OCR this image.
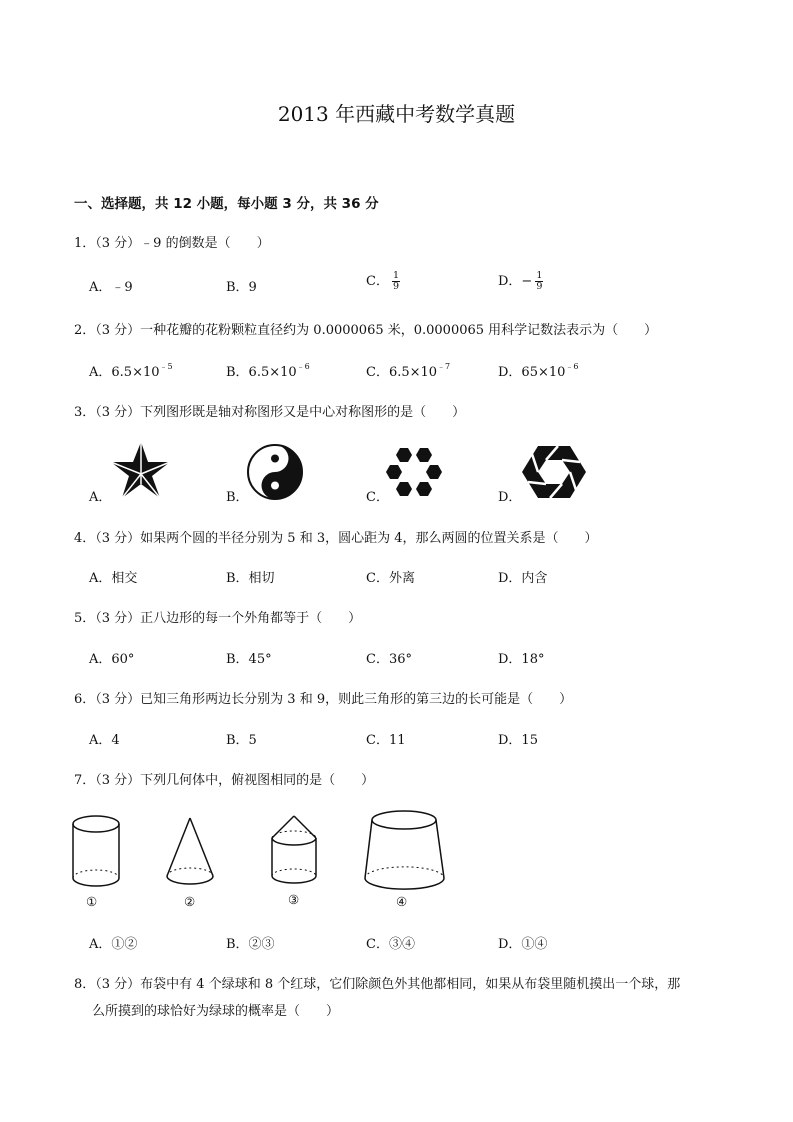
2013 年西藏中考数学真题
一、选择题，共 12 小题，每小题 3 分，共 36 分
1．（3 分）﹣9 的倒数是（　　）
A．﹣9	B．9	C． $\frac{1}{9}$	D．− $\frac{1}{9}$
2．（3 分）一种花瓣的花粉颗粒直径约为 0.0000065 米，0.0000065 用科学记数法表示为（　　）
A．$6.5\times 10^{﹣5}$	B．$6.5\times 10^{﹣6}$	C．$6.5\times 10^{﹣7}$	D．$65\times 10^{﹣6}$
3．（3 分）下列图形既是轴对称图形又是中心对称图形的是（　　）
A．	B．	C．	D．
4．（3 分）如果两个圆的半径分别为 5 和 3，圆心距为 4，那么两圆的位置关系是（　　）
A．相交	B．相切	C．外离	D．内含
5．（3 分）正八边形的每一个外角都等于（　　）
A．60°	B．45°	C．36°	D．18°
6．（3 分）已知三角形两边长分别为 3 和 9，则此三角形的第三边的长可能是（　　）
A．4	B．5	C．11	D．15
7．（3 分）下列几何体中，俯视图相同的是（　　）
①	②	③	④
A．①②	B．②③	C．③④	D．①④
8．（3 分）布袋中有 4 个绿球和 8 个红球，它们除颜色外其他都相同，如果从布袋里随机摸出一个球，那
么所摸到的球恰好为绿球的概率是（　　）
